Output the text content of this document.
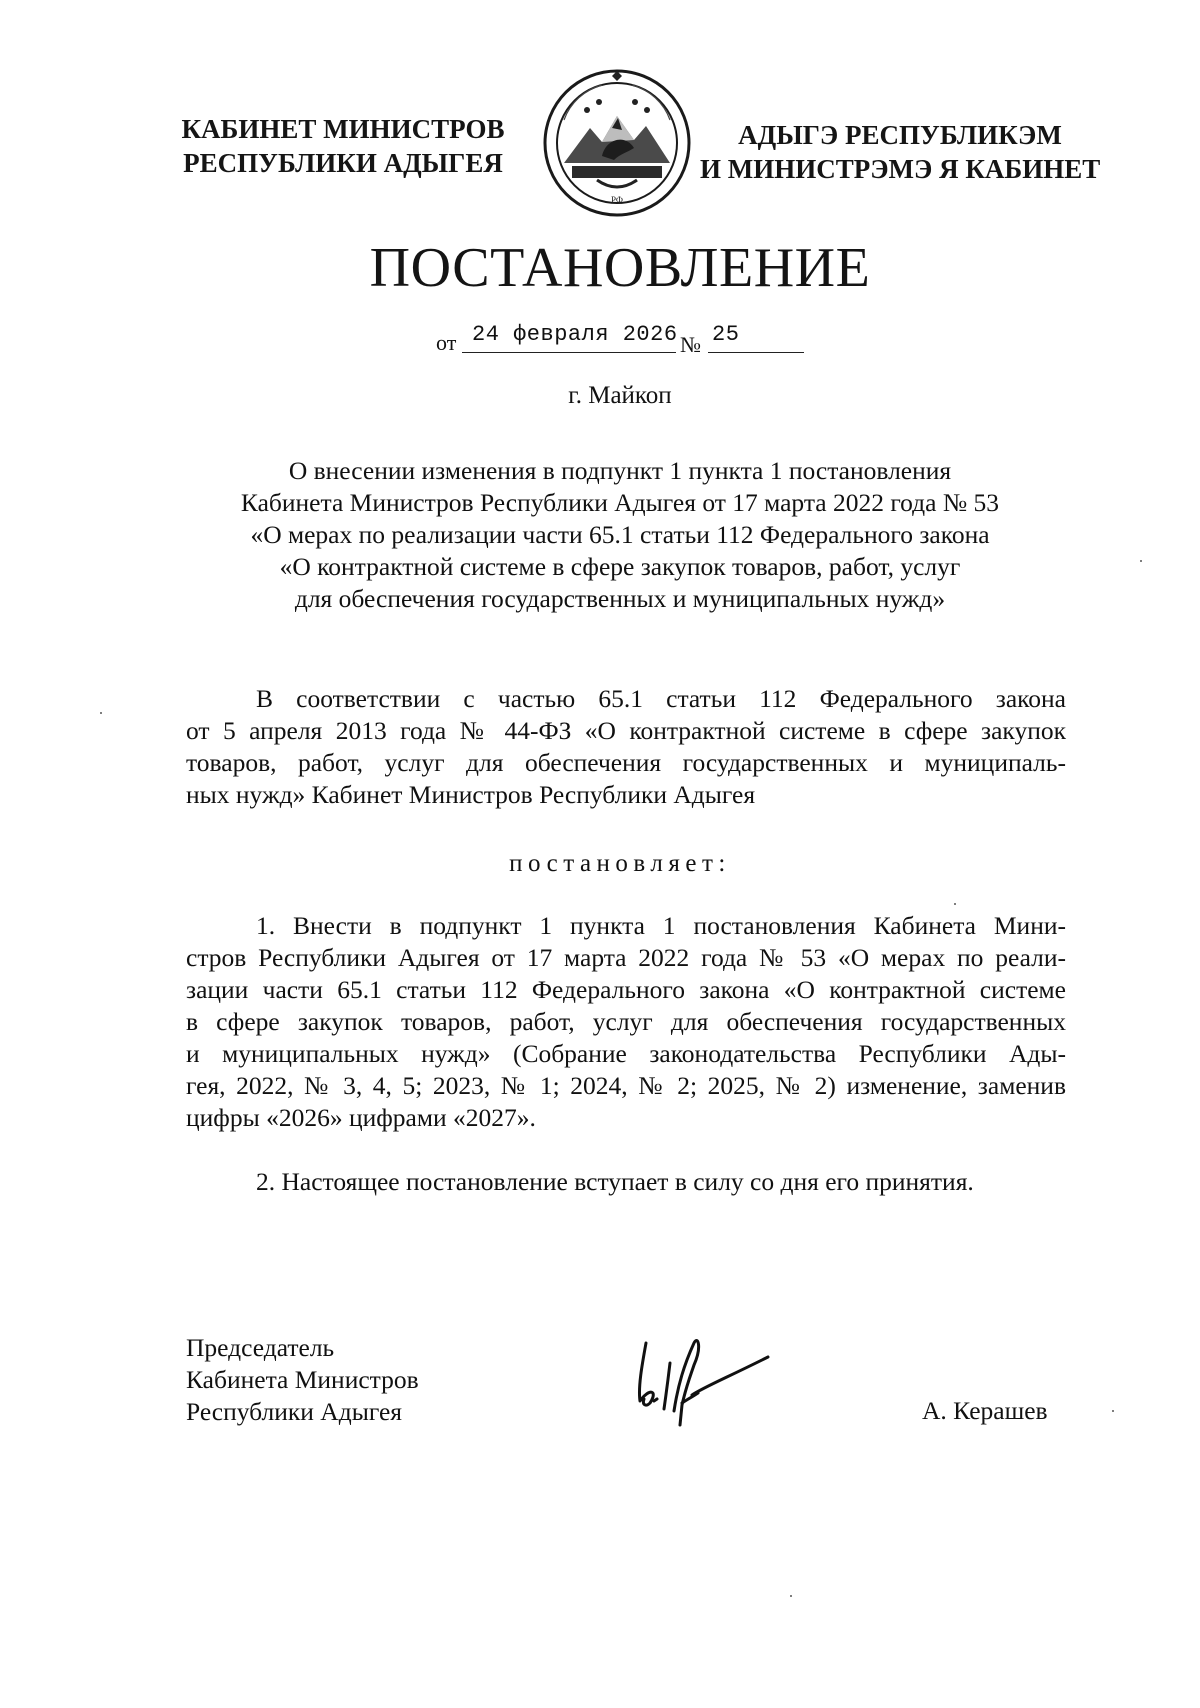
КАБИНЕТ МИНИСТРОВ
РЕСПУБЛИКИ АДЫГЕЯ
РФ
АДЫГЭ РЕСПУБЛИКЭМ
И МИНИСТРЭМЭ Я КАБИНЕТ
ПОСТАНОВЛЕНИЕ
от 24 февраля 2026 № 25
г. Майкоп
О внесении изменения в подпункт 1 пункта 1 постановления
Кабинета Министров Республики Адыгея от 17 марта 2022 года № 53
«О мерах по реализации части 65.1 статьи 112 Федерального закона
«О контрактной системе в сфере закупок товаров, работ, услуг
для обеспечения государственных и муниципальных нужд»
В соответствии с частью 65.1 статьи 112 Федерального закона
от 5 апреля 2013 года № 44-ФЗ «О контрактной системе в сфере закупок
товаров, работ, услуг для обеспечения государственных и муниципаль-
ных нужд» Кабинет Министров Республики Адыгея
постановляет:
1. Внести в подпункт 1 пункта 1 постановления Кабинета Мини-
стров Республики Адыгея от 17 марта 2022 года № 53 «О мерах по реали-
зации части 65.1 статьи 112 Федерального закона «О контрактной системе
в сфере закупок товаров, работ, услуг для обеспечения государственных
и муниципальных нужд» (Собрание законодательства Республики Ады-
гея, 2022, № 3, 4, 5; 2023, № 1; 2024, № 2; 2025, № 2) изменение, заменив
цифры «2026» цифрами «2027».
2. Настоящее постановление вступает в силу со дня его принятия.
Председатель
Кабинета Министров
Республики Адыгея	А. Керашев
